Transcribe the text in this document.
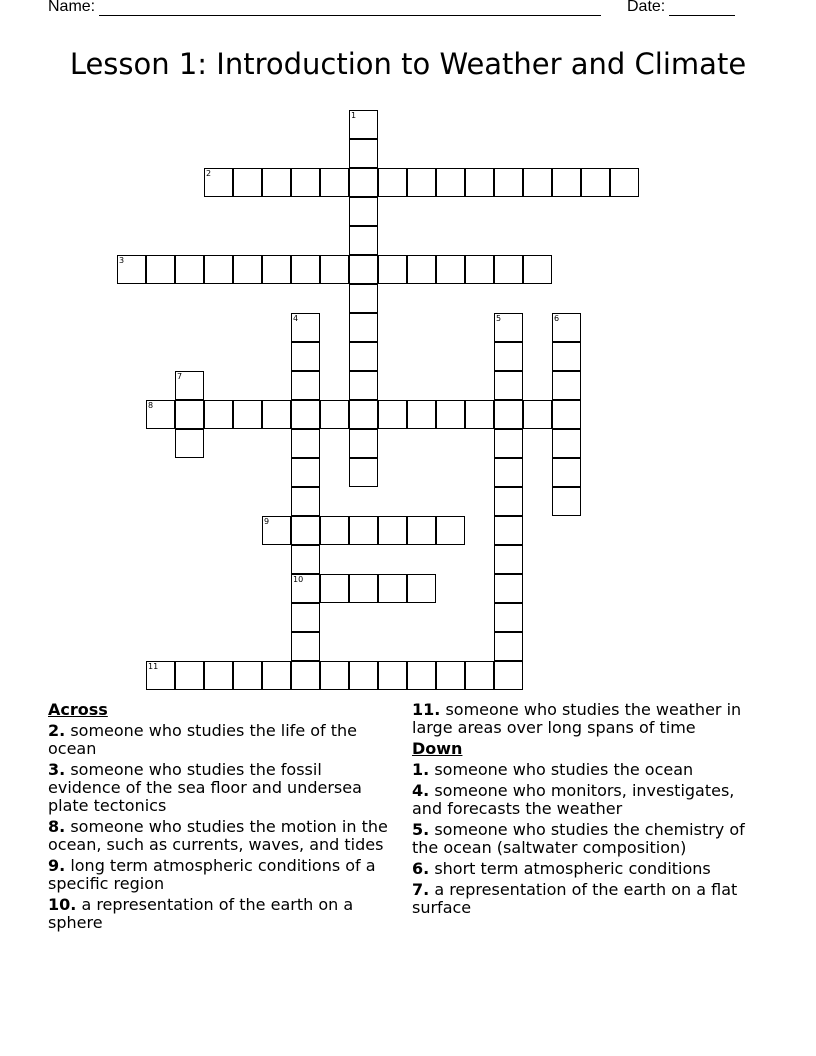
Name:	Date:
Lesson 1: Introduction to Weather and Climate
1
2
3
4
10
5	6
7
8
9
11
Across
2. someone who studies the life of the ocean
3. someone who studies the fossil evidence of the sea floor and undersea plate tectonics
8. someone who studies the motion in the ocean, such as currents, waves, and tides
9. long term atmospheric conditions of a specific region
10. a representation of the earth on a sphere
11. someone who studies the weather in large areas over long spans of time
Down
1. someone who studies the ocean
4. someone who monitors, investigates, and forecasts the weather
5. someone who studies the chemistry of the ocean (saltwater composition)
6. short term atmospheric conditions
7. a representation of the earth on a flat surface
